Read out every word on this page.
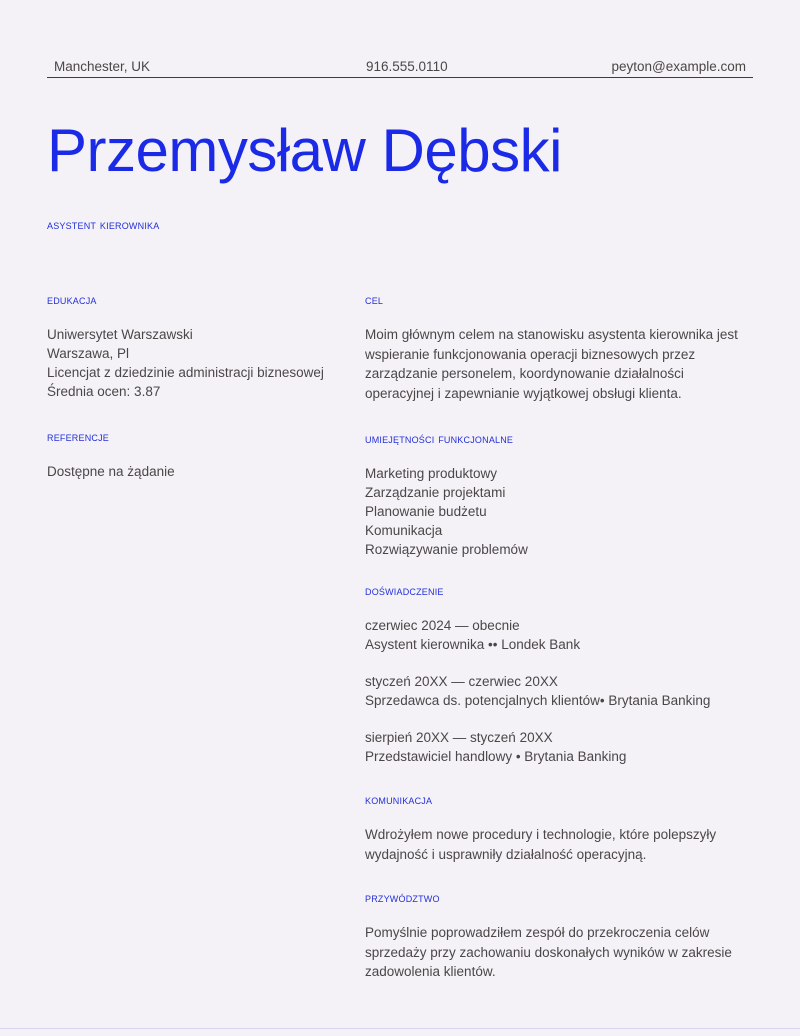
Manchester, UK	916.555.0110	peyton@example.com
Przemysław Dębski
asystent kierownika
edukacja
Uniwersytet Warszawski
Warszawa, Pl
Licencjat z dziedzinie administracji biznesowej
Średnia ocen: 3.87
referencje
Dostępne na żądanie
cel
Moim głównym celem na stanowisku asystenta kierownika jest wspieranie funkcjonowania operacji biznesowych przez zarządzanie personelem, koordynowanie działalności operacyjnej i zapewnianie wyjątkowej obsługi klienta.
umiejętności funkcjonalne
Marketing produktowy
Zarządzanie projektami
Planowanie budżetu
Komunikacja
Rozwiązywanie problemów
doświadczenie
czerwiec 2024 — obecnie
Asystent kierownika •• Londek Bank
styczeń 20XX — czerwiec 20XX
Sprzedawca ds. potencjalnych klientów• Brytania Banking
sierpień 20XX — styczeń 20XX
Przedstawiciel handlowy • Brytania Banking
komunikacja
Wdrożyłem nowe procedury i technologie, które polepszyły wydajność i usprawniły działalność operacyjną.
przywództwo
Pomyślnie poprowadziłem zespół do przekroczenia celów sprzedaży przy zachowaniu doskonałych wyników w zakresie zadowolenia klientów.
